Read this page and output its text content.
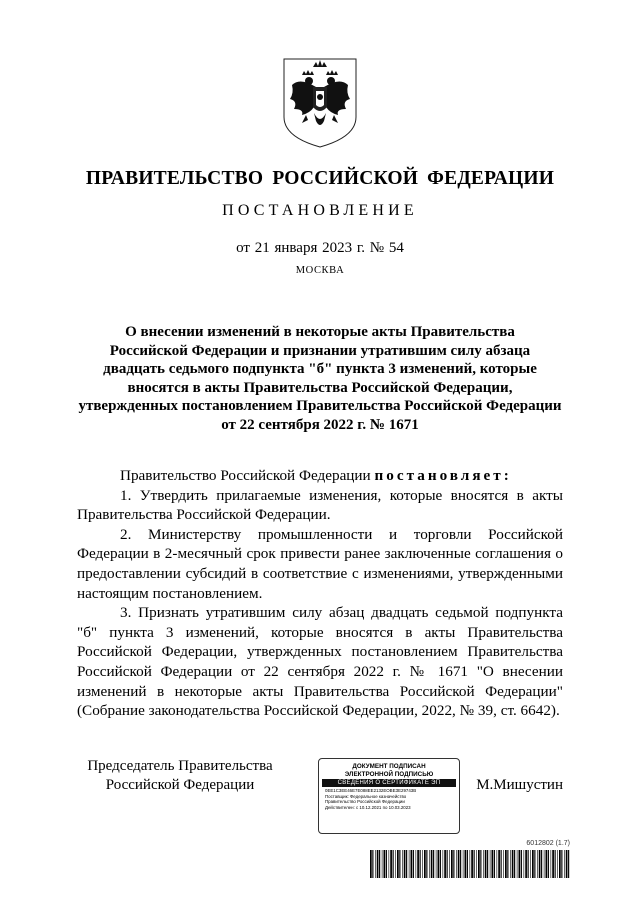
ПРАВИТЕЛЬСТВО РОССИЙСКОЙ ФЕДЕРАЦИИ
ПОСТАНОВЛЕНИЕ
от 21 января 2023 г. № 54
МОСКВА
О внесении изменений в некоторые акты Правительства
Российской Федерации и признании утратившим силу абзаца
двадцать седьмого подпункта "б" пункта 3 изменений, которые
вносятся в акты Правительства Российской Федерации,
утвержденных постановлением Правительства Российской Федерации
от 22 сентября 2022 г. № 1671

Правительство Российской Федерации постановляет:

1. Утвердить прилагаемые изменения, которые вносятся в акты Правительства Российской Федерации.

2. Министерству промышленности и торговли Российской Федерации в 2-месячный срок привести ранее заключенные соглашения о предоставлении субсидий в соответствие с изменениями, утвержденными настоящим постановлением.

3. Признать утратившим силу абзац двадцать седьмой подпункта "б" пункта 3 изменений, которые вносятся в акты Правительства Российской Федерации, утвержденных постановлением Правительства Российской Федерации от 22 сентября 2022 г. № 1671 "О внесении изменений в некоторые акты Правительства Российской Федерации" (Собрание законодательства Российской Федерации, 2022, № 39, ст. 6642).

Председатель Правительства
Российской Федерации
ДОКУМЕНТ ПОДПИСАН
ЭЛЕКТРОННОЙ ПОДПИСЬЮ
СВЕДЕНИЯ О СЕРТИФИКАТЕ ЭП
0ЕЕ1С3ЕЕ46Е7Е088ЕЕ2132ЕОВЕЗЕ29743В
Поставщик: Федеральное казначейство
Правительство Российской Федерации
Действителен: с 10.12.2021 по 10.03.2023
М.Мишустин
6012802 (1.7)
